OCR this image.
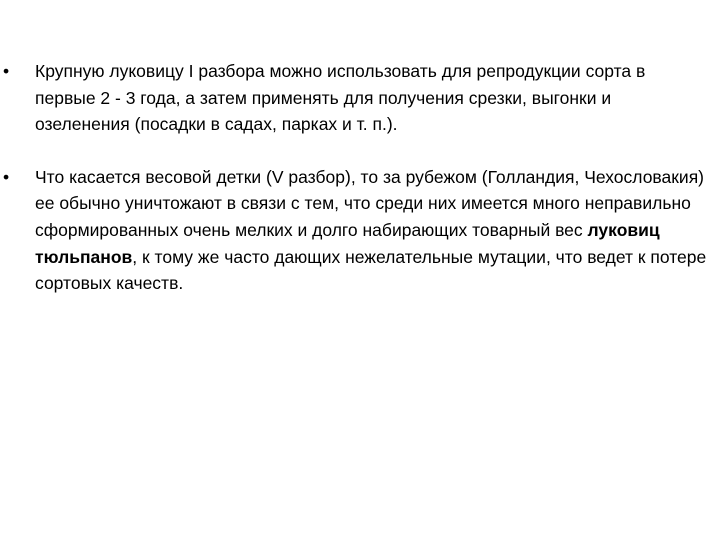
• Крупную луковицу I разбора можно использовать для репродукции сорта в первые 2 - 3 года, а затем применять для получения срезки, выгонки и озеленения (посадки в садах, парках и т. п.).
• Что касается весовой детки (V разбор), то за рубежом (Голландия, Чехословакия) ее обычно уничтожают в связи с тем, что среди них имеется много неправильно сформированных очень мелких и долго набирающих товарный вес луковиц тюльпанов, к тому же часто дающих нежелательные мутации, что ведет к потере сортовых качеств.
